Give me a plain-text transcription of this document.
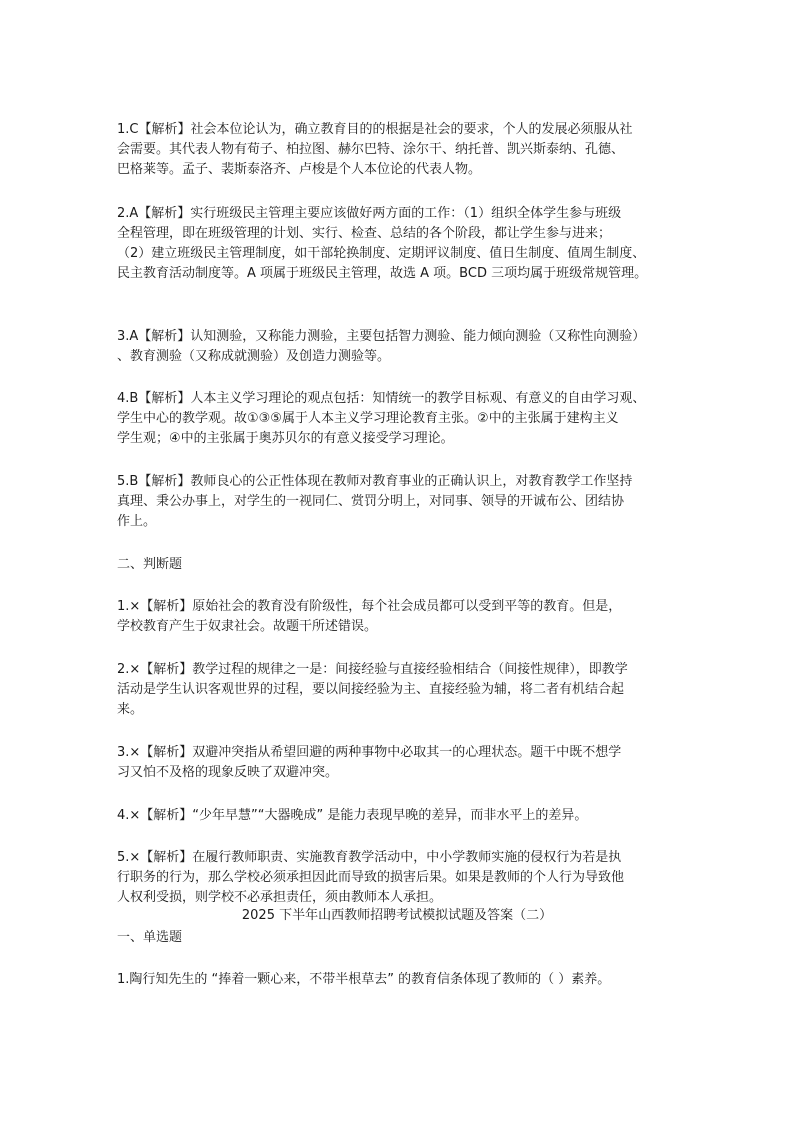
1.C【解析】社会本位论认为，确立教育目的的根据是社会的要求，个人的发展必须服从社
会需要。其代表人物有荀子、柏拉图、赫尔巴特、涂尔干、纳托普、凯兴斯泰纳、孔德、
巴格莱等。孟子、裴斯泰洛齐、卢梭是个人本位论的代表人物。
2.A【解析】实行班级民主管理主要应该做好两方面的工作：（1）组织全体学生参与班级
全程管理，即在班级管理的计划、实行、检查、总结的各个阶段，都让学生参与进来；
（2）建立班级民主管理制度，如干部轮换制度、定期评议制度、值日生制度、值周生制度、
民主教育活动制度等。A 项属于班级民主管理，故选 A 项。BCD 三项均属于班级常规管理。
3.A【解析】认知测验，又称能力测验，主要包括智力测验、能力倾向测验（又称性向测验）
、教育测验（又称成就测验）及创造力测验等。
4.B【解析】人本主义学习理论的观点包括：知情统一的教学目标观、有意义的自由学习观、
学生中心的教学观。故①③⑤属于人本主义学习理论教育主张。②中的主张属于建构主义
学生观；④中的主张属于奥苏贝尔的有意义接受学习理论。
5.B【解析】教师良心的公正性体现在教师对教育事业的正确认识上，对教育教学工作坚持
真理、秉公办事上，对学生的一视同仁、赏罚分明上，对同事、领导的开诚布公、团结协
作上。
二、判断题
1.×【解析】原始社会的教育没有阶级性，每个社会成员都可以受到平等的教育。但是，
学校教育产生于奴隶社会。故题干所述错误。
2.×【解析】教学过程的规律之一是：间接经验与直接经验相结合（间接性规律），即教学
活动是学生认识客观世界的过程，要以间接经验为主、直接经验为辅，将二者有机结合起
来。
3.×【解析】双避冲突指从希望回避的两种事物中必取其一的心理状态。题干中既不想学
习又怕不及格的现象反映了双避冲突。
4.×【解析】“少年早慧”“大器晚成” 是能力表现早晚的差异，而非水平上的差异。
5.×【解析】在履行教师职责、实施教育教学活动中，中小学教师实施的侵权行为若是执
行职务的行为，那么学校必须承担因此而导致的损害后果。如果是教师的个人行为导致他
人权利受损，则学校不必承担责任，须由教师本人承担。
2025 下半年山西教师招聘考试模拟试题及答案（二）
一、单选题
1.陶行知先生的 “捧着一颗心来，不带半根草去” 的教育信条体现了教师的（ ）素养。
